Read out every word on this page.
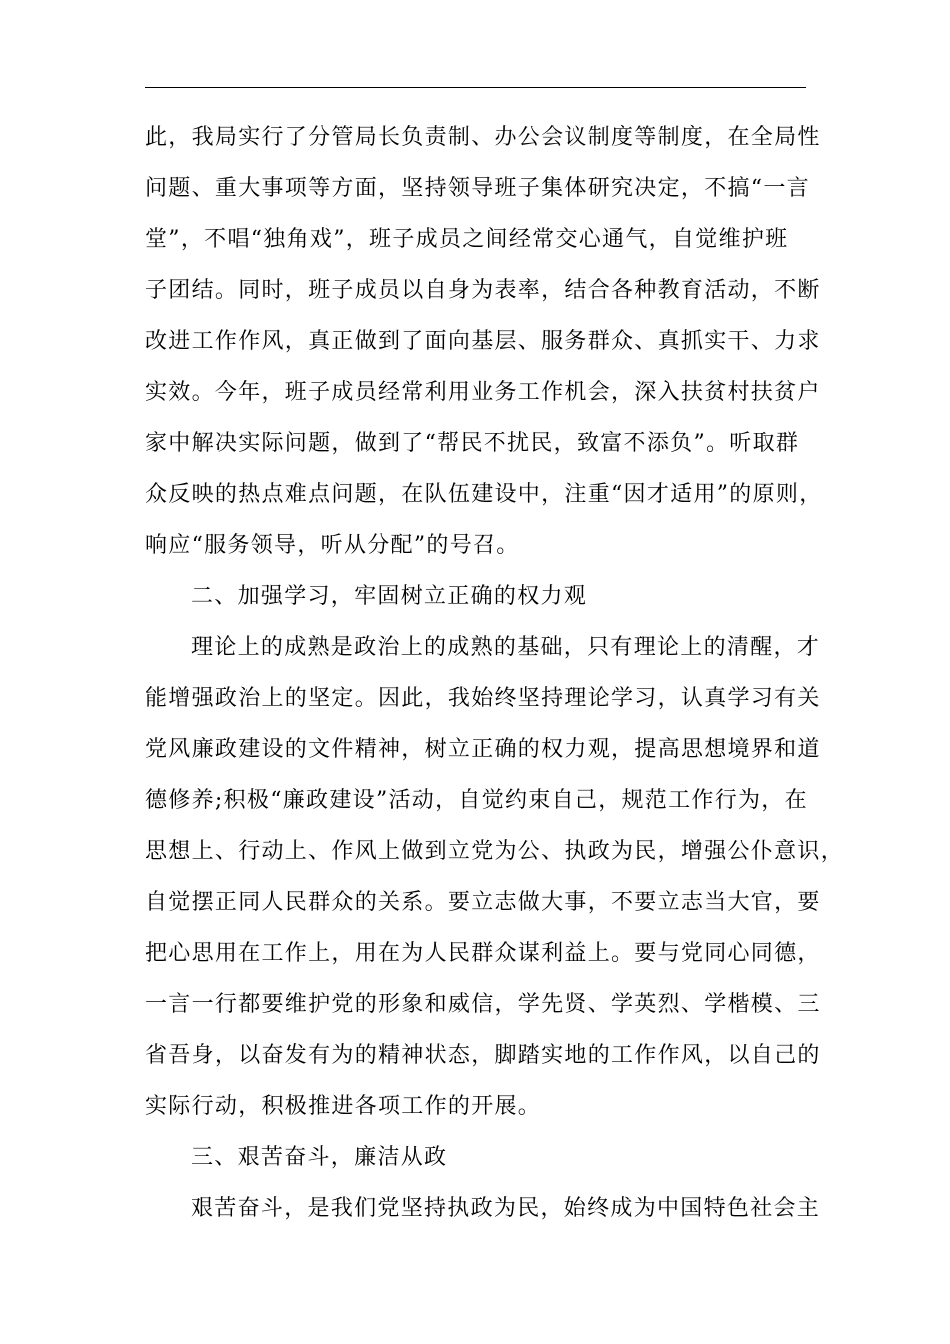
此，我局实行了分管局长负责制、办公会议制度等制度，在全局性
问题、重大事项等方面，坚持领导班子集体研究决定，不搞“一言
堂”，不唱“独角戏”，班子成员之间经常交心通气，自觉维护班
子团结。同时，班子成员以自身为表率，结合各种教育活动，不断
改进工作作风，真正做到了面向基层、服务群众、真抓实干、力求
实效。今年，班子成员经常利用业务工作机会，深入扶贫村扶贫户
家中解决实际问题，做到了“帮民不扰民，致富不添负”。听取群
众反映的热点难点问题，在队伍建设中，注重“因才适用”的原则，
响应“服务领导，听从分配”的号召。
二、加强学习，牢固树立正确的权力观
理论上的成熟是政治上的成熟的基础，只有理论上的清醒，才
能增强政治上的坚定。因此，我始终坚持理论学习，认真学习有关
党风廉政建设的文件精神，树立正确的权力观，提高思想境界和道
德修养;积极“廉政建设”活动，自觉约束自己，规范工作行为，在
思想上、行动上、作风上做到立党为公、执政为民，增强公仆意识，
自觉摆正同人民群众的关系。要立志做大事，不要立志当大官，要
把心思用在工作上，用在为人民群众谋利益上。要与党同心同德，
一言一行都要维护党的形象和威信，学先贤、学英烈、学楷模、三
省吾身，以奋发有为的精神状态，脚踏实地的工作作风，以自己的
实际行动，积极推进各项工作的开展。
三、艰苦奋斗，廉洁从政
艰苦奋斗，是我们党坚持执政为民，始终成为中国特色社会主
